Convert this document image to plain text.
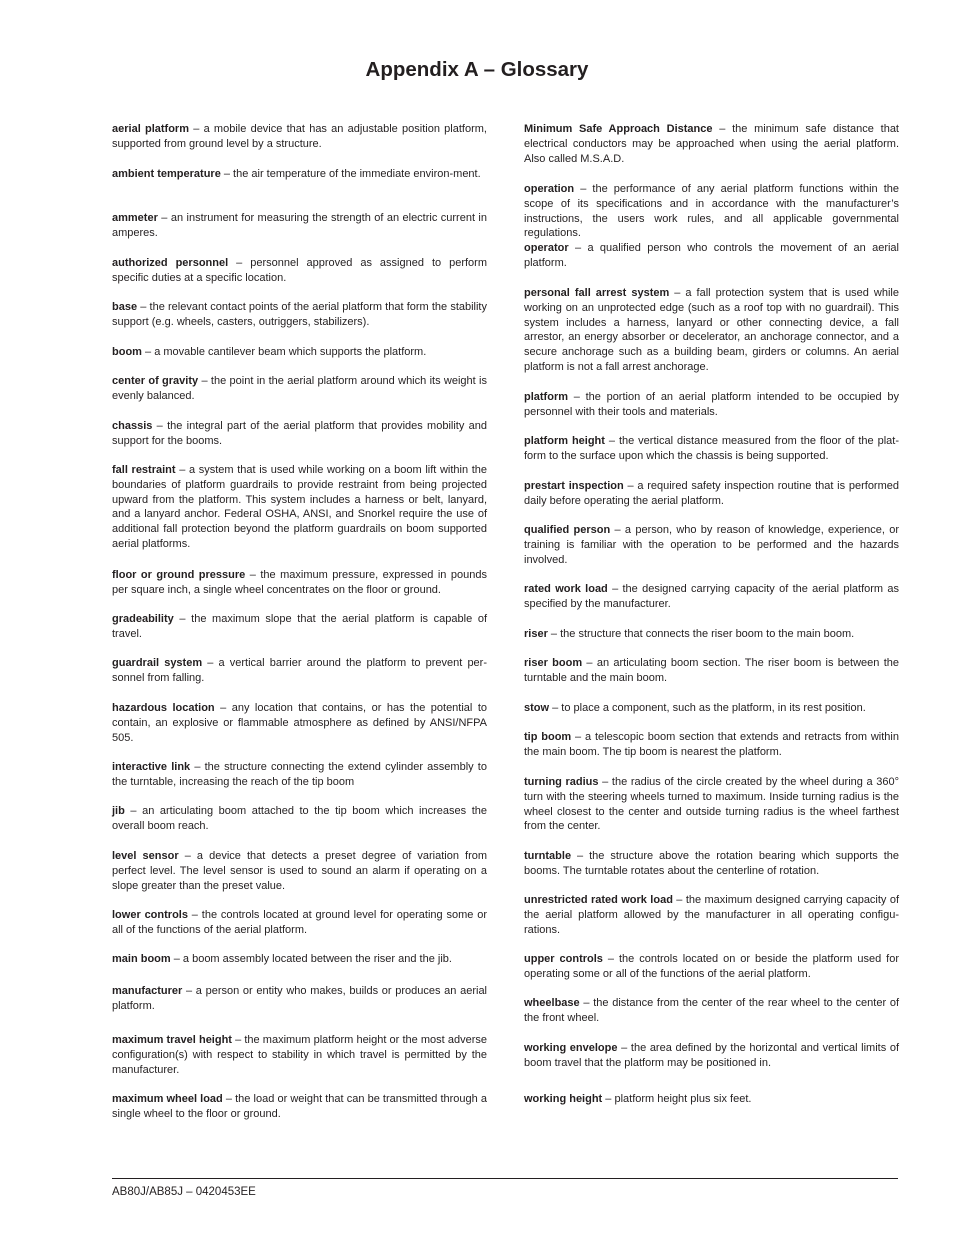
Appendix A – Glossary

aerial platform – a mobile device that has an adjustable position platform, supported from ground level by a structure.

ambient temperature – the air temperature of the immediate environ-ment.

ammeter – an instrument for measuring the strength of an electric current in amperes.

authorized personnel – personnel approved as assigned to perform specific duties at a specific location.

base – the relevant contact points of the aerial platform that form the stability support (e.g. wheels, casters, outriggers, stabilizers).

boom – a movable cantilever beam which supports the platform.

center of gravity – the point in the aerial platform around which its weight is evenly balanced.

chassis – the integral part of the aerial platform that provides mobility and support for the booms.

fall restraint – a system that is used while working on a boom lift within the boundaries of platform guardrails to provide restraint from being projected upward from the platform. This system includes a harness or belt, lanyard, and a lanyard anchor. Federal OSHA, ANSI, and Snorkel require the use of additional fall protection beyond the platform guardrails on boom supported aerial platforms.

floor or ground pressure – the maximum pressure, expressed in pounds per square inch, a single wheel concentrates on the floor or ground.

gradeability – the maximum slope that the aerial platform is capable of travel.

guardrail system – a vertical barrier around the platform to prevent per-sonnel from falling.

hazardous location – any location that contains, or has the potential to contain, an explosive or flammable atmosphere as defined by ANSI/NFPA 505.

interactive link – the structure connecting the extend cylinder assembly to the turntable, increasing the reach of the tip boom

jib – an articulating boom attached to the tip boom which increases the overall boom reach.

level sensor – a device that detects a preset degree of variation from perfect level. The level sensor is used to sound an alarm if operating on a slope greater than the preset value.

lower controls – the controls located at ground level for operating some or all of the functions of the aerial platform.

main boom – a boom assembly located between the riser and the jib.

manufacturer – a person or entity who makes, builds or produces an aerial platform.

maximum travel height – the maximum platform height or the most adverse configuration(s) with respect to stability in which travel is permitted by the manufacturer.

maximum wheel load – the load or weight that can be transmitted through a single wheel to the floor or ground.

Minimum Safe Approach Distance – the minimum safe distance that electrical conductors may be approached when using the aerial platform. Also called M.S.A.D.

operation – the performance of any aerial platform functions within the scope of its specifications and in accordance with the manufacturer’s instructions, the users work rules, and all applicable governmental regulations.

operator – a qualified person who controls the movement of an aerial platform.

personal fall arrest system – a fall protection system that is used while working on an unprotected edge (such as a roof top with no guardrail). This system includes a harness, lanyard or other connecting device, a fall arrestor, an energy absorber or decelerator, an anchorage connector, and a secure anchorage such as a building beam, girders or columns. An aerial platform is not a fall arrest anchorage.

platform – the portion of an aerial platform intended to be occupied by personnel with their tools and materials.

platform height – the vertical distance measured from the floor of the plat-form to the surface upon which the chassis is being supported.

prestart inspection – a required safety inspection routine that is performed daily before operating the aerial platform.

qualified person – a person, who by reason of knowledge, experience, or training is familiar with the operation to be performed and the hazards involved.

rated work load – the designed carrying capacity of the aerial platform as specified by the manufacturer.

riser – the structure that connects the riser boom to the main boom.

riser boom – an articulating boom section. The riser boom is between the turntable and the main boom.

stow – to place a component, such as the platform, in its rest position.

tip boom – a telescopic boom section that extends and retracts from within the main boom. The tip boom is nearest the platform.

turning radius – the radius of the circle created by the wheel during a 360° turn with the steering wheels turned to maximum. Inside turning radius is the wheel closest to the center and outside turning radius is the wheel farthest from the center.

turntable – the structure above the rotation bearing which supports the booms. The turntable rotates about the centerline of rotation.

unrestricted rated work load – the maximum designed carrying capacity of the aerial platform allowed by the manufacturer in all operating configu-rations.

upper controls – the controls located on or beside the platform used for operating some or all of the functions of the aerial platform.

wheelbase – the distance from the center of the rear wheel to the center of the front wheel.

working envelope – the area defined by the horizontal and vertical limits of boom travel that the platform may be positioned in.

working height – platform height plus six feet.

AB80J/AB85J – 0420453EE
